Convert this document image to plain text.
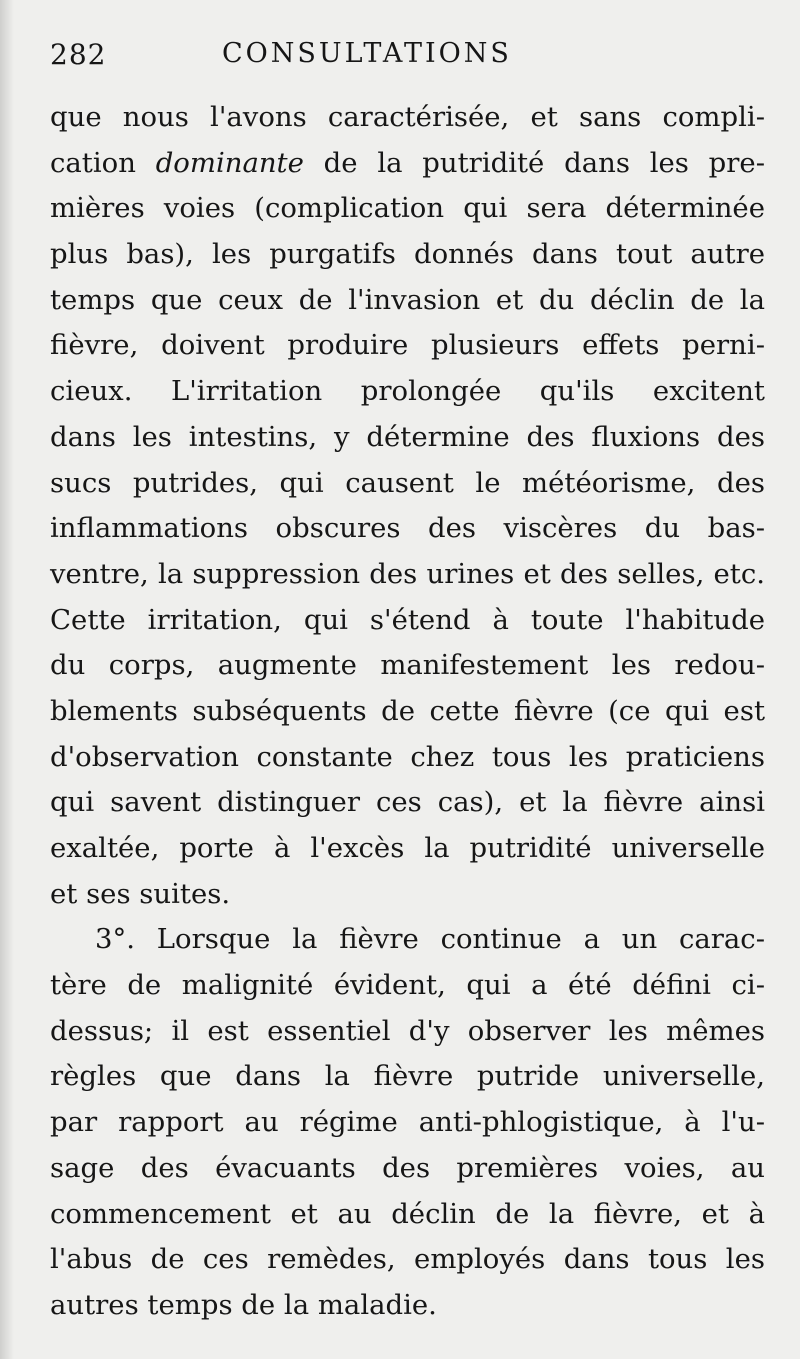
282	CONSULTATIONS
que nous l'avons caractérisée, et sans compli-
cation dominante de la putridité dans les pre-
mières voies (complication qui sera déterminée
plus bas), les purgatifs donnés dans tout autre
temps que ceux de l'invasion et du déclin de la
fièvre, doivent produire plusieurs effets perni-
cieux. L'irritation prolongée qu'ils excitent
dans les intestins, y détermine des fluxions des
sucs putrides, qui causent le météorisme, des
inflammations obscures des viscères du bas-
ventre, la suppression des urines et des selles, etc.
Cette irritation, qui s'étend à toute l'habitude
du corps, augmente manifestement les redou-
blements subséquents de cette fièvre (ce qui est
d'observation constante chez tous les praticiens
qui savent distinguer ces cas), et la fièvre ainsi
exaltée, porte à l'excès la putridité universelle
et ses suites.
3°. Lorsque la fièvre continue a un carac-
tère de malignité évident, qui a été défini ci-
dessus; il est essentiel d'y observer les mêmes
règles que dans la fièvre putride universelle,
par rapport au régime anti-phlogistique, à l'u-
sage des évacuants des premières voies, au
commencement et au déclin de la fièvre, et à
l'abus de ces remèdes, employés dans tous les
autres temps de la maladie.
